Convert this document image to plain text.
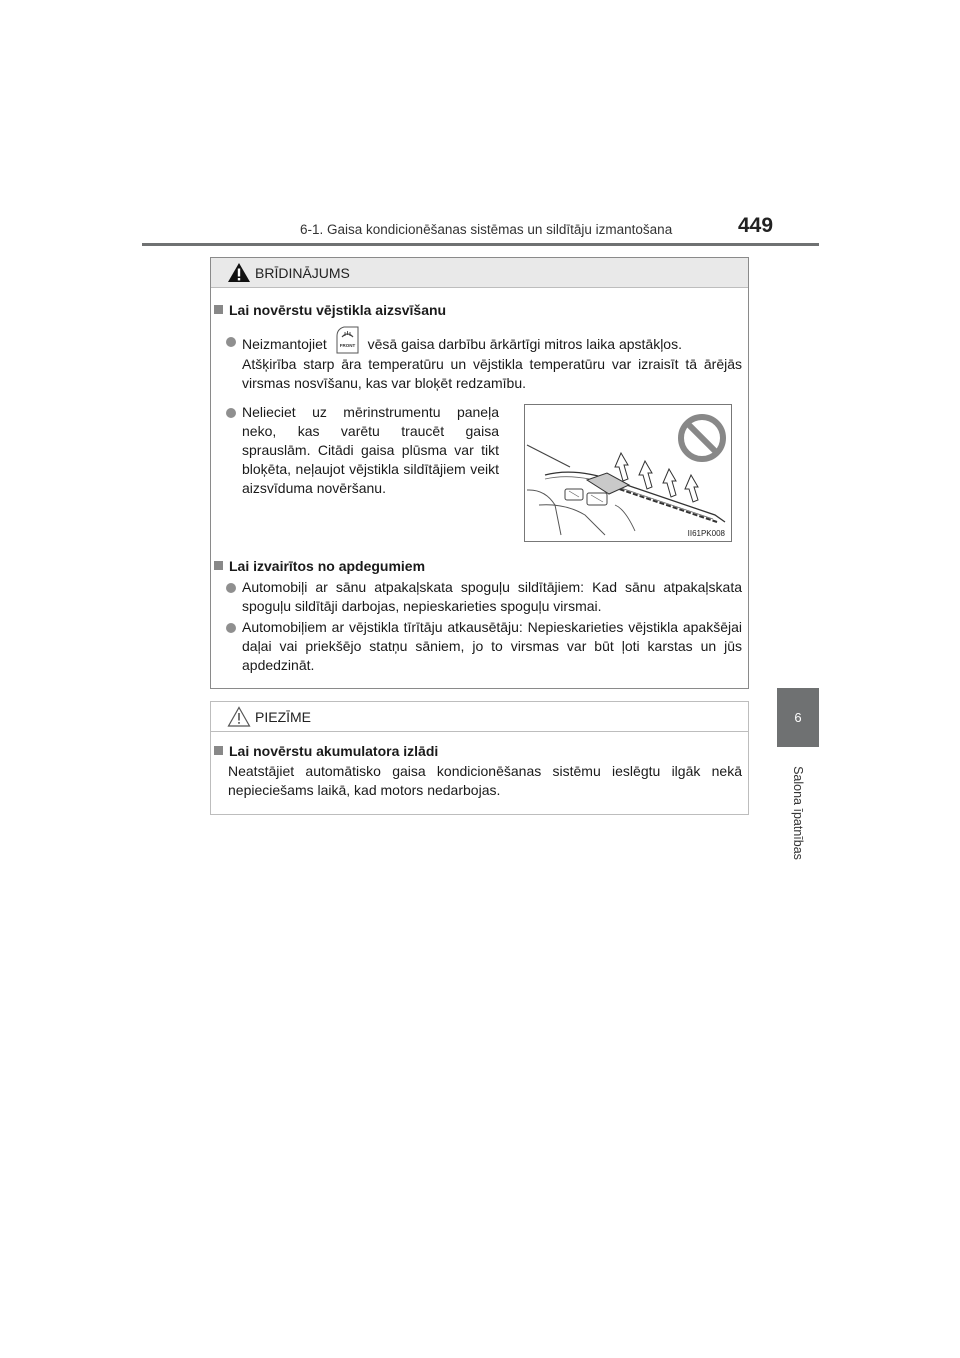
6-1. Gaisa kondicionēšanas sistēmas un sildītāju izmantošana	449
6
Salona īpatnības
BRĪDINĀJUMS
Lai novērstu vējstikla aizsvīšanu
Neizmantojiet	FRONT vēsā gaisa darbību ārkārtīgi mitros laika apstākļos.
Atšķirība starp āra temperatūru un vējstikla temperatūru var izraisīt tā ārējās virsmas nosvīšanu, kas var bloķēt redzamību.
Nelieciet uz mērinstrumentu paneļa neko, kas varētu traucēt gaisa sprauslām. Citādi gaisa plūsma var tikt bloķēta, neļaujot vējstikla sildītājiem veikt aizsvīduma novēršanu.
II61PK008
Lai izvairītos no apdegumiem
Automobiļi ar sānu atpakaļskata spoguļu sildītājiem: Kad sānu atpakaļskata spoguļu sildītāji darbojas, nepieskarieties spoguļu virsmai.
Automobiļiem ar vējstikla tīrītāju atkausētāju: Nepieskarieties vējstikla apakšējai daļai vai priekšējo statņu sāniem, jo to virsmas var būt ļoti karstas un jūs apdedzināt.
PIEZĪME
Lai novērstu akumulatora izlādi
Neatstājiet automātisko gaisa kondicionēšanas sistēmu ieslēgtu ilgāk nekā nepieciešams laikā, kad motors nedarbojas.
